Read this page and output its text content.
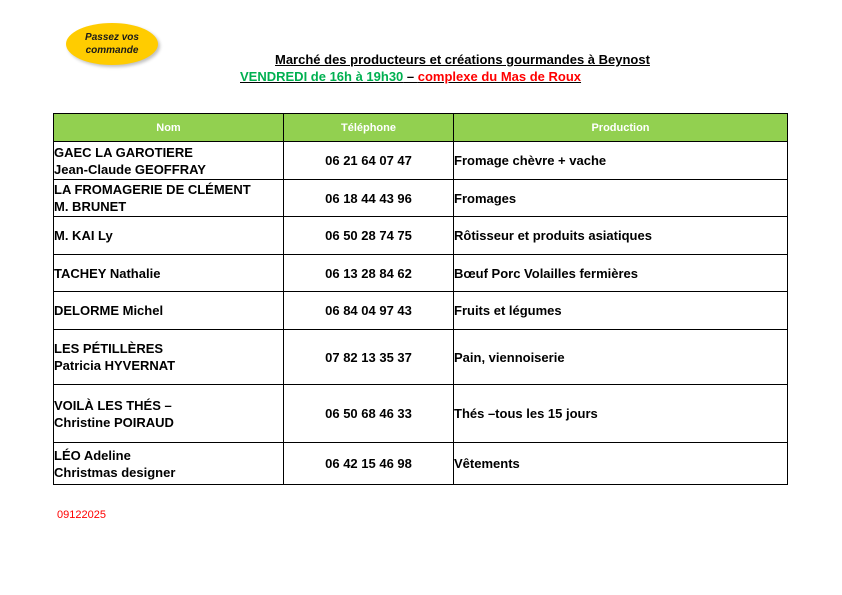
Passez vos
commande
Marché des producteurs et créations gourmandes à Beynost
VENDREDI de 16h à 19h30 – complexe du Mas de Roux
Nom	Téléphone	Production

GAEC LA GAROTIERE
Jean-Claude GEOFFRAY	06 21 64 07 47	Fromage chèvre + vache

LA FROMAGERIE DE CLÉMENT
M. BRUNET	06 18 44 43 96	Fromages

M. KAI Ly	06 50 28 74 75	Rôtisseur et produits asiatiques

TACHEY Nathalie	06 13 28 84 62	Bœuf Porc Volailles fermières

DELORME Michel	06 84 04 97 43	Fruits et légumes

LES PÉTILLÈRES
Patricia HYVERNAT	07 82 13 35 37	Pain, viennoiserie

VOILÀ LES THÉS –
Christine POIRAUD	06 50 68 46 33	Thés –tous les 15 jours

LÉO Adeline
Christmas designer	06 42 15 46 98	Vêtements
09122025
